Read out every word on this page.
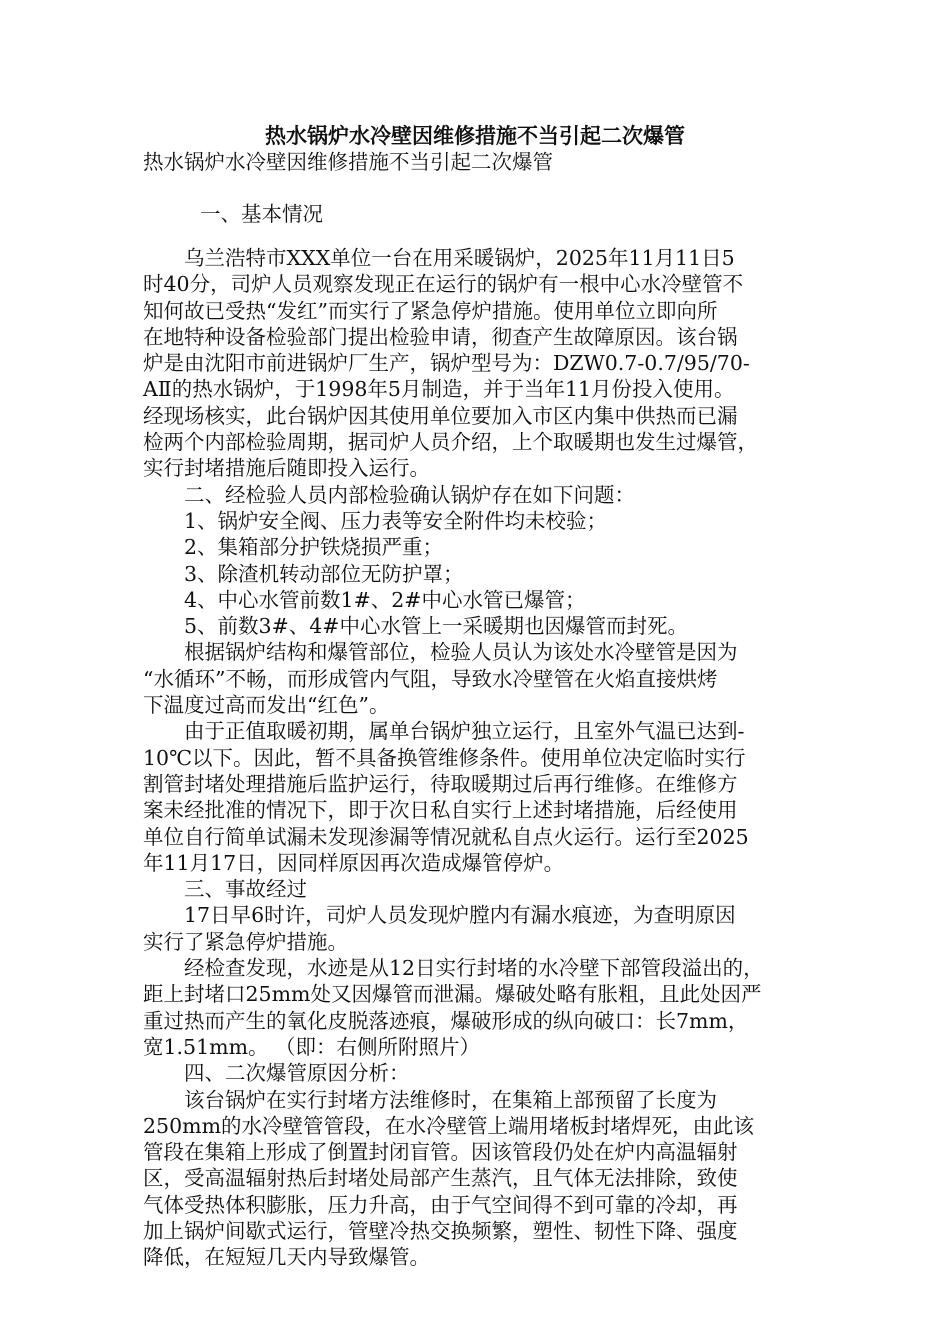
热水锅炉水冷壁因维修措施不当引起二次爆管
热水锅炉水冷壁因维修措施不当引起二次爆管
一、基本情况
　　乌兰浩特市XXX单位一台在用采暖锅炉，2025年11月11日5
时40分，司炉人员观察发现正在运行的锅炉有一根中心水冷壁管不
知何故已受热“发红”而实行了紧急停炉措施。使用单位立即向所
在地特种设备检验部门提出检验申请，彻查产生故障原因。该台锅
炉是由沈阳市前进锅炉厂生产，锅炉型号为：DZW0.7-0.7/95/70-
AⅡ的热水锅炉，于1998年5月制造，并于当年11月份投入使用。
经现场核实，此台锅炉因其使用单位要加入市区内集中供热而已漏
检两个内部检验周期，据司炉人员介绍，上个取暖期也发生过爆管，
实行封堵措施后随即投入运行。
　　二、经检验人员内部检验确认锅炉存在如下问题：
　　1、锅炉安全阀、压力表等安全附件均未校验；
　　2、集箱部分护铁烧损严重；
　　3、除渣机转动部位无防护罩；
　　4、中心水管前数1#、2#中心水管已爆管；
　　5、前数3#、4#中心水管上一采暖期也因爆管而封死。
　　根据锅炉结构和爆管部位，检验人员认为该处水冷壁管是因为
“水循环”不畅，而形成管内气阻，导致水冷壁管在火焰直接烘烤
下温度过高而发出“红色”。
　　由于正值取暖初期，属单台锅炉独立运行，且室外气温已达到-
10℃以下。因此，暂不具备换管维修条件。使用单位决定临时实行
割管封堵处理措施后监护运行，待取暖期过后再行维修。在维修方
案未经批准的情况下，即于次日私自实行上述封堵措施，后经使用
单位自行简单试漏未发现渗漏等情况就私自点火运行。运行至2025
年11月17日，因同样原因再次造成爆管停炉。
　　三、事故经过
　　17日早6时许，司炉人员发现炉膛内有漏水痕迹，为查明原因
实行了紧急停炉措施。
　　经检查发现，水迹是从12日实行封堵的水冷壁下部管段溢出的，
距上封堵口25mm处又因爆管而泄漏。爆破处略有胀粗，且此处因严
重过热而产生的氧化皮脱落迹痕，爆破形成的纵向破口：长7mm，
宽1.51mm。 （即：右侧所附照片）
　　四、二次爆管原因分析：
　　该台锅炉在实行封堵方法维修时，在集箱上部预留了长度为
250mm的水冷壁管管段，在水冷壁管上端用堵板封堵焊死，由此该
管段在集箱上形成了倒置封闭盲管。因该管段仍处在炉内高温辐射
区，受高温辐射热后封堵处局部产生蒸汽，且气体无法排除，致使
气体受热体积膨胀，压力升高，由于气空间得不到可靠的冷却，再
加上锅炉间歇式运行，管壁冷热交换频繁，塑性、韧性下降、强度
降低，在短短几天内导致爆管。
